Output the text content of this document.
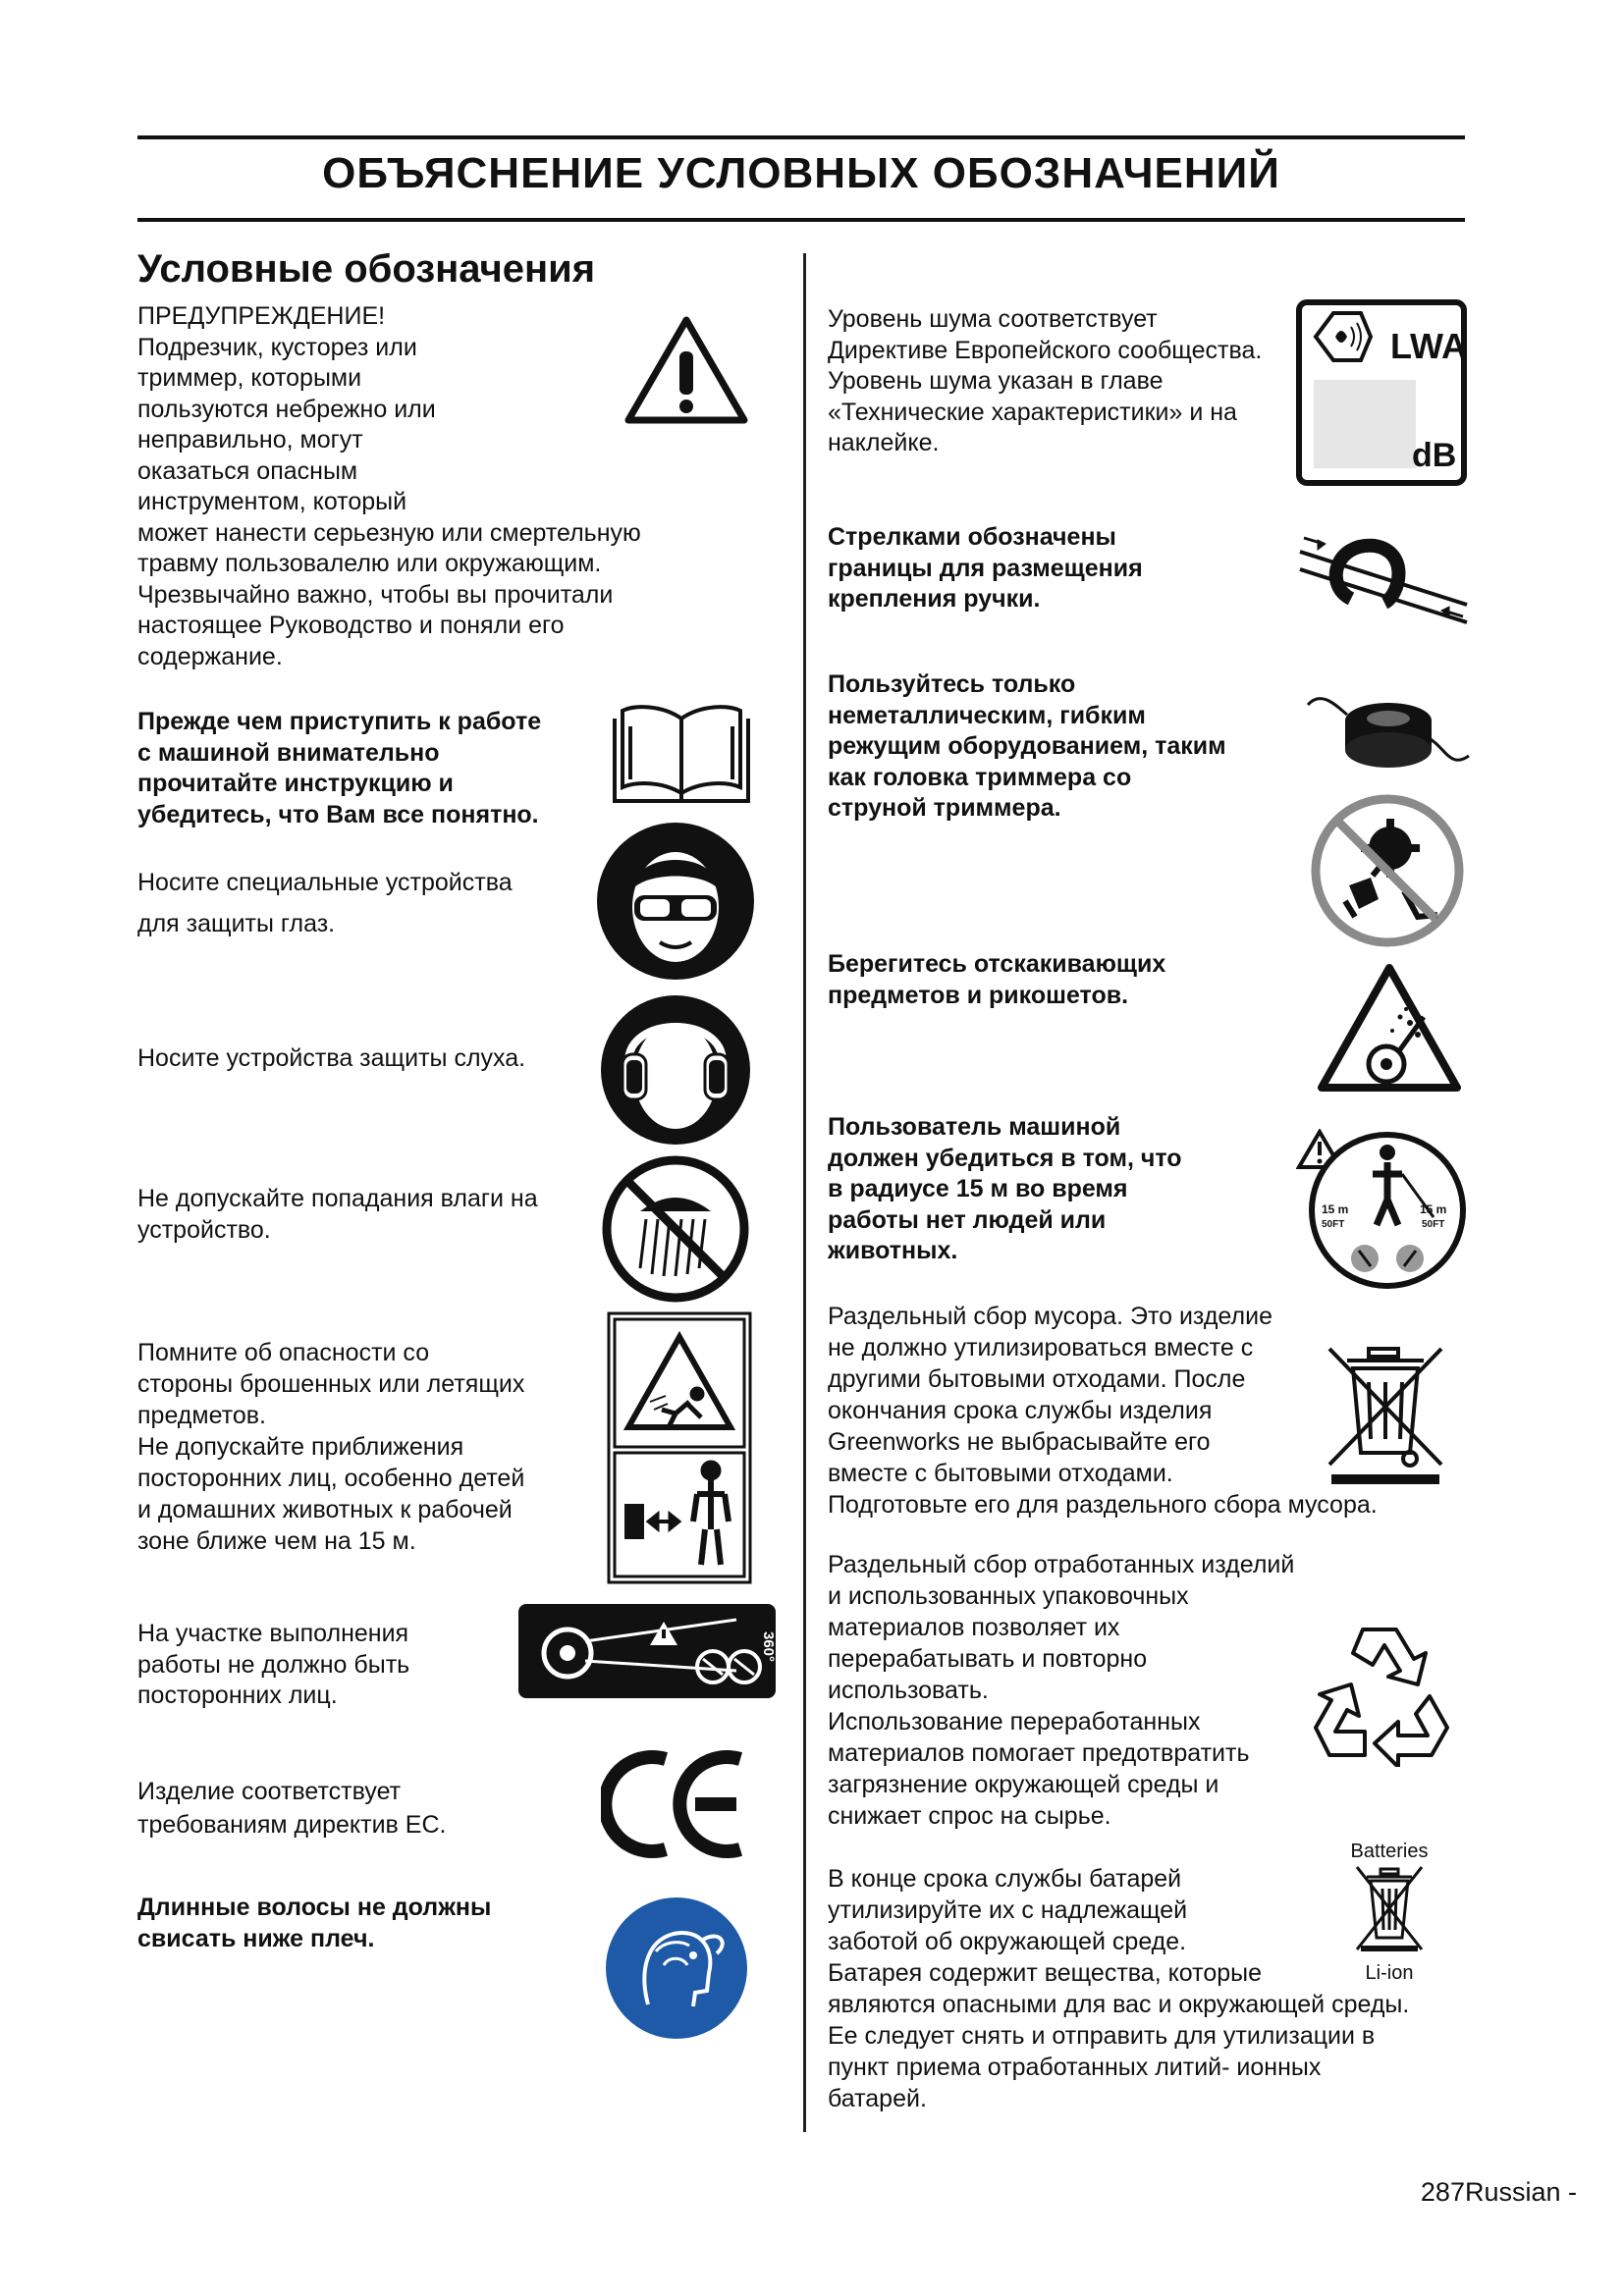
ОБЪЯСНЕНИЕ УСЛОВНЫХ ОБОЗНАЧЕНИЙ
Условные обозначения
ПРЕДУПРЕЖДЕНИЕ!
Подрезчик, кусторез или
триммер, которыми
пользуются небрежно или
неправильно, могут
оказаться опасным
инструментом, который
может нанести серьезную или смертельную
травму пользовалелю или окружающим.
Чрезвычайно важно, чтобы вы прочитали
настоящее Руководство и поняли его
содержание.
Прежде чем приступить к работе
с машиной внимательно
прочитайте инструкцию и
убедитесь, что Вам все понятно.
Носите специальные устройства
для защиты глаз.
Носите устройства защиты слуха.
Не допускайте попадания влаги на
устройство.
Помните об опасности со
стороны брошенных или летящих
предметов.
Не допускайте приближения
посторонних лиц, особенно детей
и домашних животных к рабочей
зоне ближе чем на 15 м.
На участке выполнения
работы не должно быть
посторонних лиц.
Изделие соответствует
требованиям директив ЕС.
Длинные волосы не должны
свисать ниже плеч.
Уровень шума соответствует
Директиве Европейского сообщества.
Уровень шума указан в главе
«Технические характеристики» и на
наклейке.
Стрелками обозначены
границы для размещения
крепления ручки.
Пользуйтесь только
неметаллическим, гибким
режущим оборудованием, таким
как головка триммера со
струной триммера.
Берегитесь отскакивающих
предметов и рикошетов.
Пользователь машиной
должен убедиться в том, что
в радиусе 15 м во время
работы нет людей или
животных.
Раздельный сбор мусора. Это изделие
не должно утилизироваться вместе с
другими бытовыми отходами. После
окончания срока службы изделия
Greenworks не выбрасывайте его
вместе с бытовыми отходами.
Подготовьте его для раздельного сбора мусора.
Раздельный сбор отработанных изделий
и использованных упаковочных
материалов позволяет их
перерабатывать и повторно
использовать.
Использование переработанных
материалов помогает предотвратить
загрязнение окружающей среды и
снижает спрос на сырье.
В конце срока службы батарей
утилизируйте их с надлежащей
заботой об окружающей среде.
Батарея содержит вещества, которые
являются опасными для вас и окружающей среды.
Ее следует снять и отправить для утилизации в
пункт приема отработанных литий- ионных
батарей.
360°
LWA
dB
15 m
50FT
15 m
50FT
Batteries
Li-ion
287Russian -
